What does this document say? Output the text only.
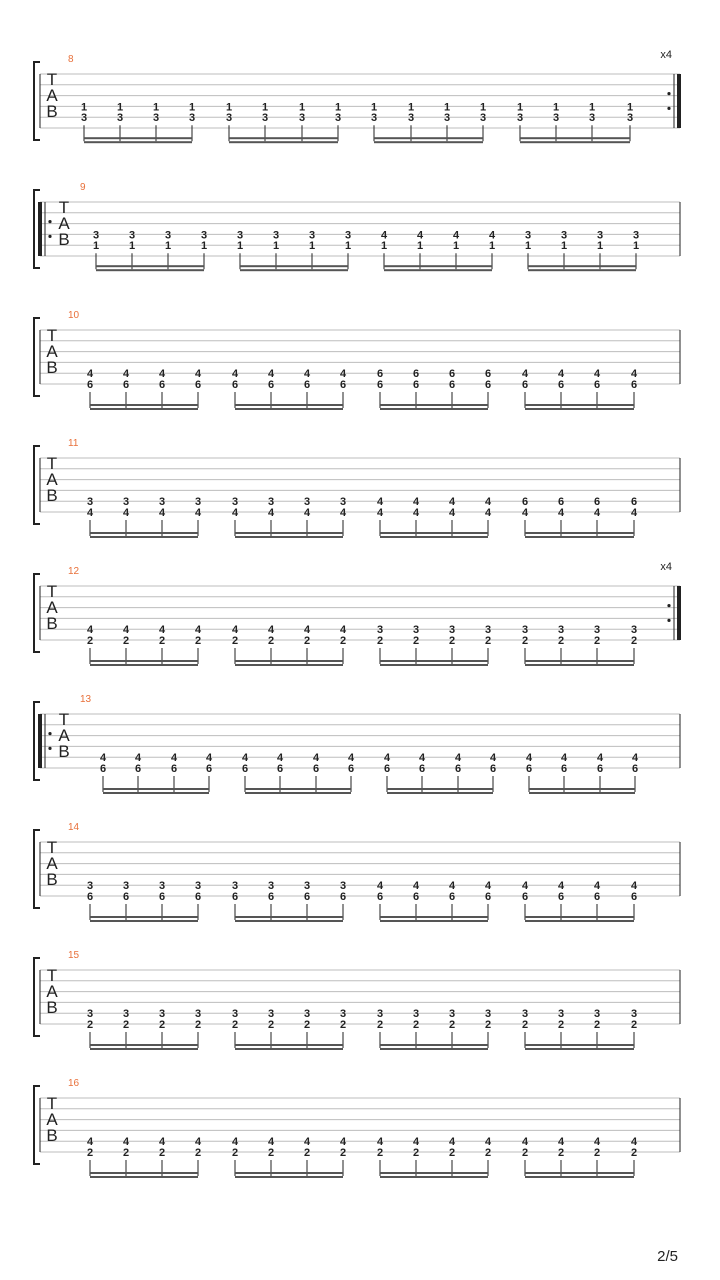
8
T
A
B
x4
1
3
1
3
1
3
1
3
1
3
1
3
1
3
1
3
1
3
1
3
1
3
1
3
1
3
1
3
1
3
1
3
9
T
A
B 3
1
3
1
3
1
3
1
3
1
3
1
3
1
3
1
4
1
4
1
4
1
4
1
3
1
3
1
3
1
3
1
10
T
A
B	4
6
4
6
4
6
4
6
4
6
4
6
4
6
4
6
6
6
6
6
6
6
6
6
4
6
4
6
4
6
4
6
11
T
A
B	3
4
3
4
3
4
3
4
3
4
3
4
3
4
3
4
4
4
4
4
4
4
4
4
6
4
6
4
6
4
6
4
12
T
A
B
x4
4
2
4
2
4
2
4
2
4
2
4
2
4
2
4
2
3
2
3
2
3
2
3
2
3
2
3
2
3
2
3
2
13
T
A
B	4
6
4
6
4
6
4
6
4
6
4
6
4
6
4
6
4
6
4
6
4
6
4
6
4
6
4
6
4
6
4
6
14
T
A
B	3
6
3
6
3
6
3
6
3
6
3
6
3
6
3
6
4
6
4
6
4
6
4
6
4
6
4
6
4
6
4
6
15
T
A
B	3
2
3
2
3
2
3
2
3
2
3
2
3
2
3
2
3
2
3
2
3
2
3
2
3
2
3
2
3
2
3
2
16
T
A
B	4
2
4
2
4
2
4
2
4
2
4
2
4
2
4
2
4
2
4
2
4
2
4
2
4
2
4
2
4
2
4
2
2/5
